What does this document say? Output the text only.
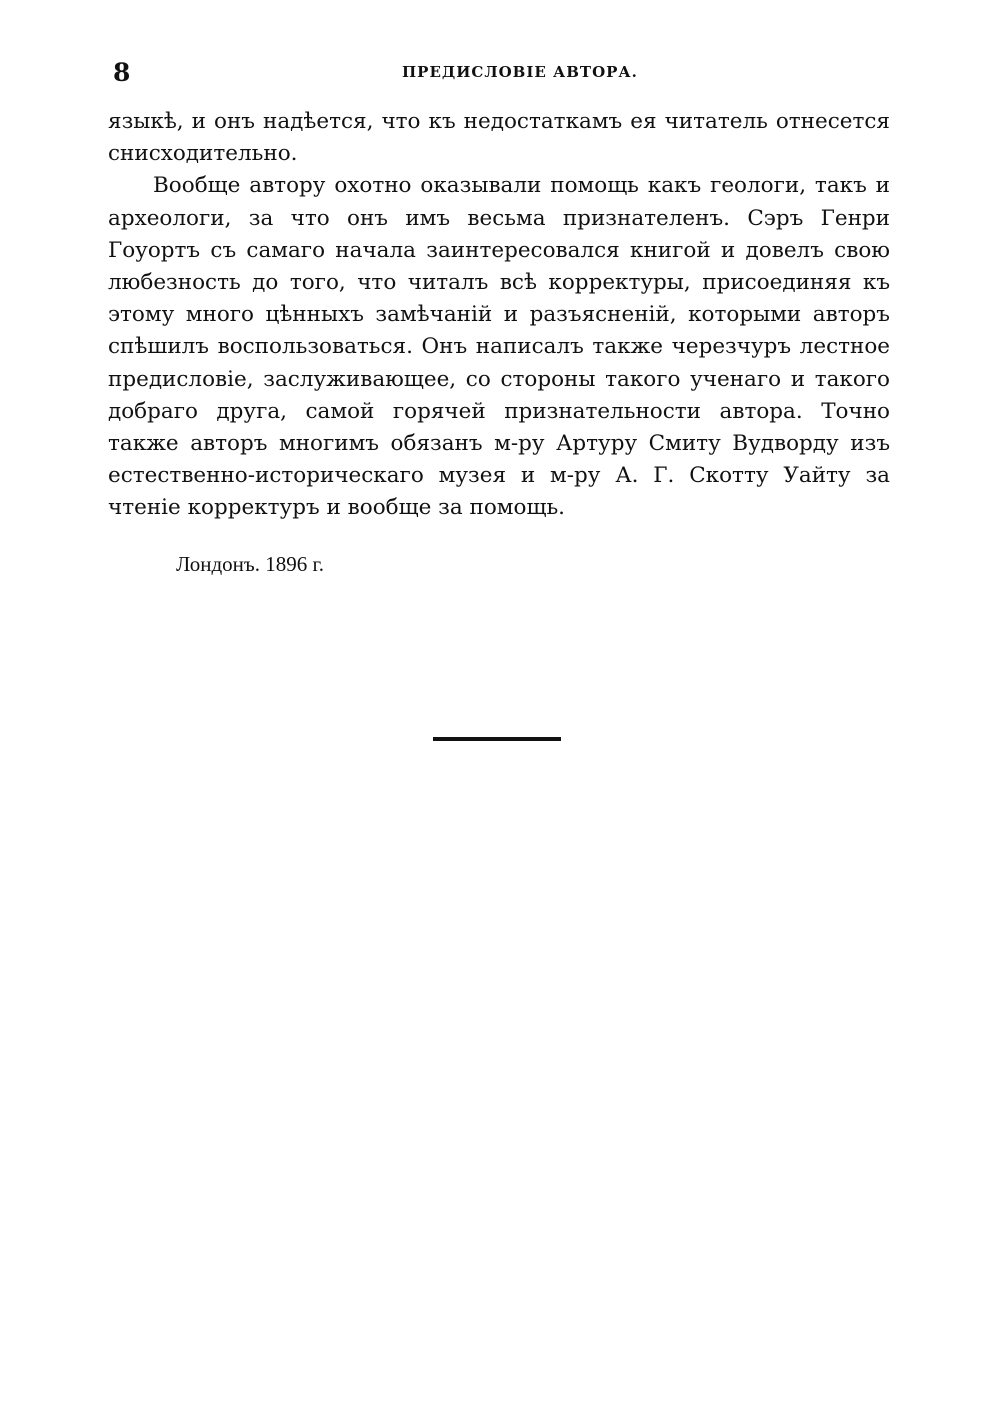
8	ПРЕДИСЛОВІЕ АВТОРА.

языкѣ, и онъ надѣется, что къ недостаткамъ ея читатель отнесется снисходительно.

Вообще автору охотно оказывали помощь какъ геологи, такъ и археологи, за что онъ имъ весьма признателенъ. Сэръ Генри Гоуортъ съ самаго начала заинтересовался книгой и довелъ свою любезность до того, что читалъ всѣ корректуры, присоединяя къ этому много цѣнныхъ замѣчаній и разъясненій, которыми авторъ спѣшилъ воспользоваться. Онъ написалъ также черезчуръ лестное предисловіе, заслуживающее, со стороны такого ученаго и такого добраго друга, самой горячей признательности автора. Точно также авторъ многимъ обязанъ м-ру Артуру Смиту Вудворду изъ естественно-историческаго музея и м-ру А. Г. Скотту Уайту за чтеніе корректуръ и вообще за помощь.

Лондонъ. 1896 г.
